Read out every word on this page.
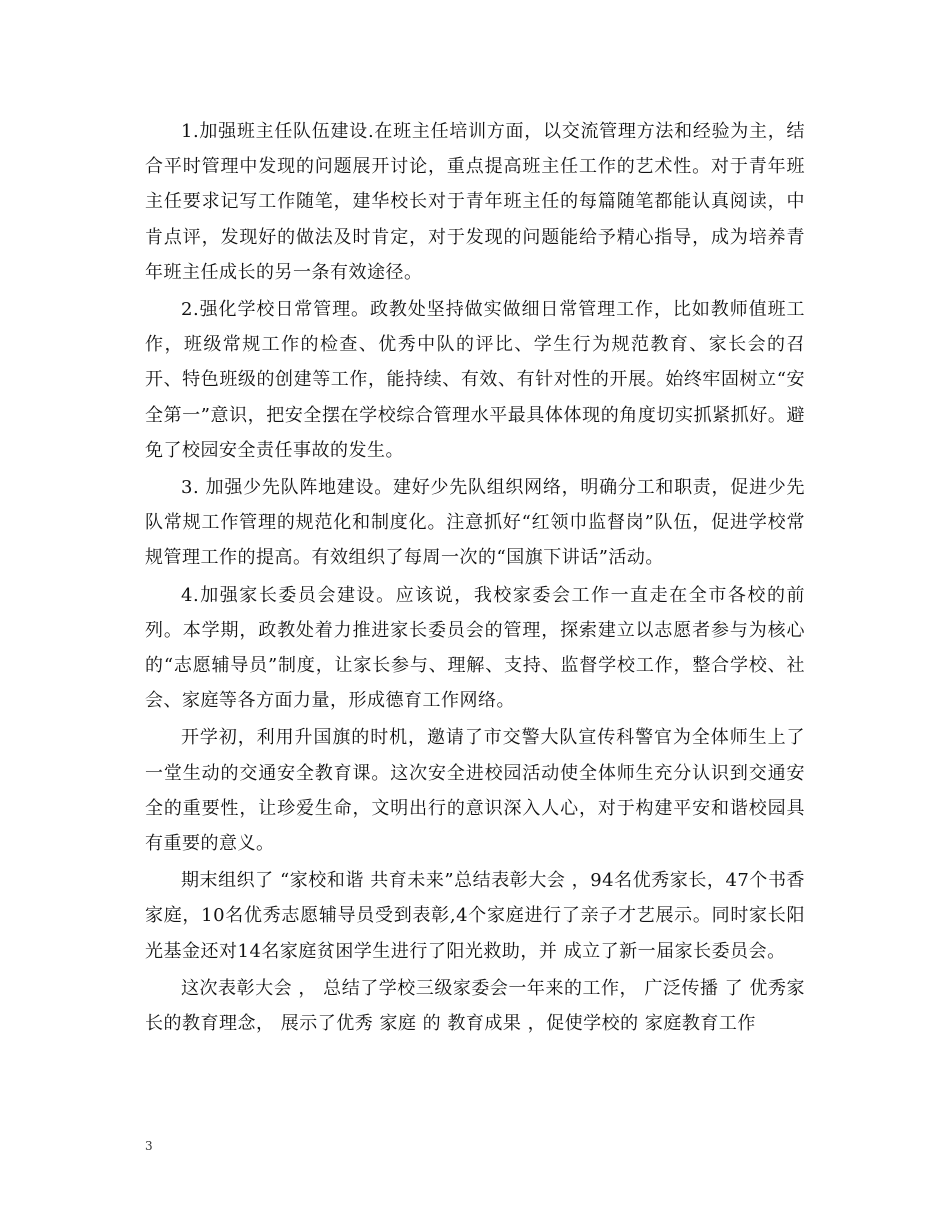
1.加强班主任队伍建设.在班主任培训方面，以交流管理方法和经验为主，结合平时管理中发现的问题展开讨论，重点提高班主任工作的艺术性。对于青年班主任要求记写工作随笔，建华校长对于青年班主任的每篇随笔都能认真阅读，中肯点评，发现好的做法及时肯定，对于发现的问题能给予精心指导，成为培养青年班主任成长的另一条有效途径。

2.强化学校日常管理。政教处坚持做实做细日常管理工作，比如教师值班工作，班级常规工作的检查、优秀中队的评比、学生行为规范教育、家长会的召开、特色班级的创建等工作，能持续、有效、有针对性的开展。始终牢固树立“安全第一”意识，把安全摆在学校综合管理水平最具体体现的角度切实抓紧抓好。避免了校园安全责任事故的发生。

3. 加强少先队阵地建设。建好少先队组织网络，明确分工和职责，促进少先队常规工作管理的规范化和制度化。注意抓好“红领巾监督岗”队伍，促进学校常规管理工作的提高。有效组织了每周一次的“国旗下讲话”活动。

4.加强家长委员会建设。应该说，我校家委会工作一直走在全市各校的前列。本学期，政教处着力推进家长委员会的管理，探索建立以志愿者参与为核心的“志愿辅导员”制度，让家长参与、理解、支持、监督学校工作，整合学校、社会、家庭等各方面力量，形成德育工作网络。

开学初，利用升国旗的时机，邀请了市交警大队宣传科警官为全体师生上了一堂生动的交通安全教育课。这次安全进校园活动使全体师生充分认识到交通安全的重要性，让珍爱生命，文明出行的意识深入人心，对于构建平安和谐校园具有重要的意义。

期末组织了 “家校和谐 共育未来”总结表彰大会 ，94名优秀家长，47个书香家庭，10名优秀志愿辅导员受到表彰,4个家庭进行了亲子才艺展示。同时家长阳光基金还对14名家庭贫困学生进行了阳光救助，并 成立了新一届家长委员会。

这次表彰大会 ， 总结了学校三级家委会一年来的工作， 广泛传播 了 优秀家长的教育理念， 展示了优秀 家庭 的 教育成果 ，促使学校的 家庭教育工作

3
